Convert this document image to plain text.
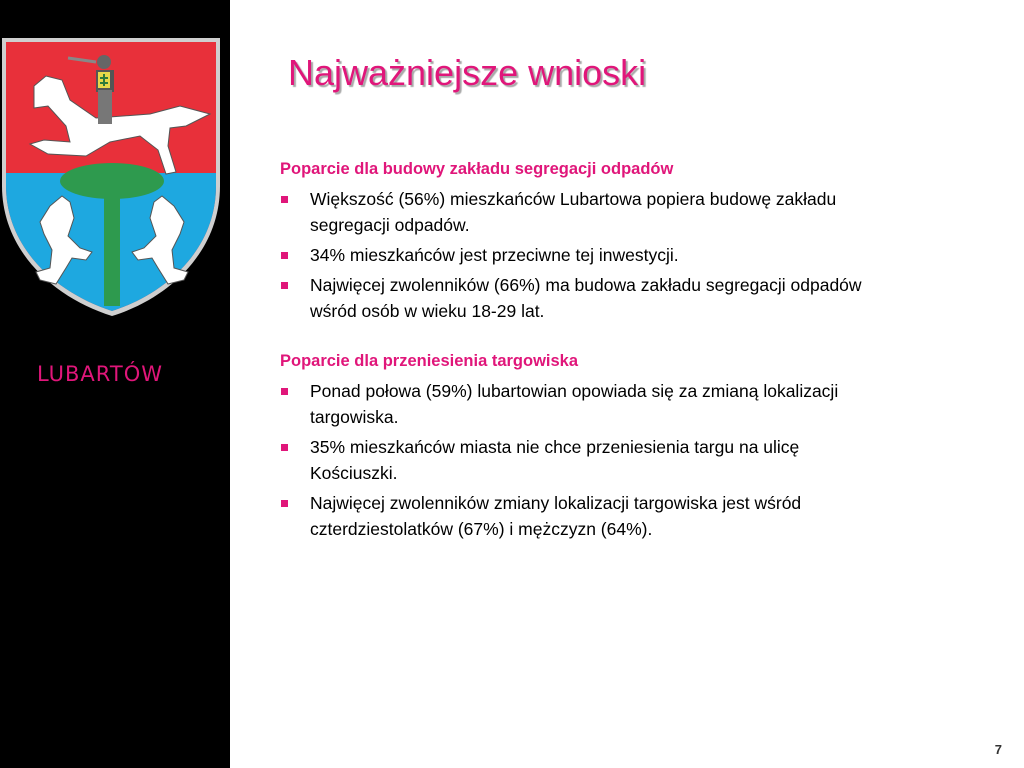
LUBARTÓW
Najważniejsze wnioski
Poparcie dla budowy zakładu segregacji odpadów
Większość (56%) mieszkańców Lubartowa popiera budowę zakładu segregacji odpadów.
34% mieszkańców jest przeciwne tej inwestycji.
Najwięcej zwolenników (66%) ma budowa zakładu segregacji odpadów wśród osób w wieku 18-29 lat.
Poparcie dla przeniesienia targowiska
Ponad połowa (59%) lubartowian opowiada się za zmianą lokalizacji targowiska.
35% mieszkańców miasta nie chce przeniesienia targu na ulicę Kościuszki.
Najwięcej zwolenników zmiany lokalizacji targowiska jest wśród czterdziestolatków (67%) i mężczyzn (64%).
7
